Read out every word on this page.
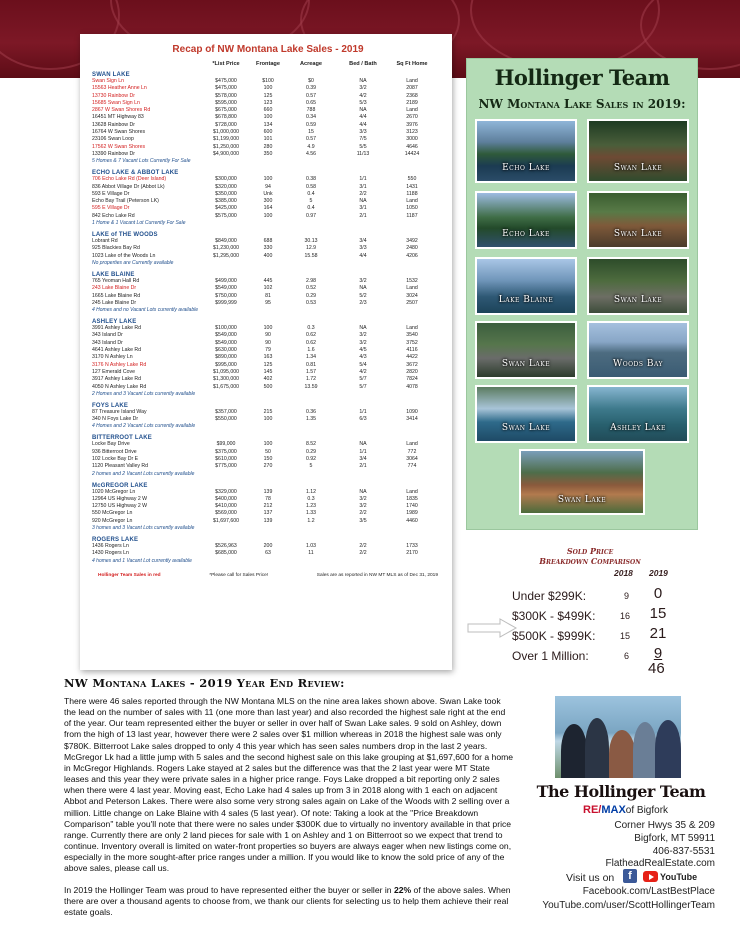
Recap of NW Montana Lake Sales - 2019
*List Price	Frontage	Acreage	Bed / Bath	Sq Ft Home
SWAN LAKE
Swan Sign Ln	$475,000	$100	$0	NA	Land
15563 Heather Anne Ln	$475,000	100	0.39	3/2	2087
13730 Rainbow Dr	$578,000	125	0.57	4/2	2368
15685 Swan Sign Ln	$595,000	123	0.65	5/3	2189
2867 W Swan Shores Rd	$675,000	660	788	NA	Land
16451 MT Highway 83	$678,800	100	0.34	4/4	2670
13628 Rainbow Dr	$728,000	134	0.59	4/4	3976
16764 W Swan Shores	$1,000,000	600	15	3/3	3123
23106 Swan Loop	$1,199,000	101	0.57	7/5	3000
17562 W Swan Shores	$1,250,000	280	4.9	5/5	4646
13390 Rainbow Dr	$4,900,000	350	4.56	11/13	14424
5 Homes & 7 Vacant Lots Currently For Sale
ECHO LAKE & ABBOT LAKE
706 Echo Lake Rd (Deer Island)	$300,000	100	0.38	1/1	550
836 Abbot Village Dr (Abbot Lk)	$320,000	94	0.58	3/1	1431
593 E Village Dr	$350,000	Unk	0.4	2/2	1188
Echo Bay Trail (Peterson LK)	$385,000	300	5	NA	Land
595 E Village Dr	$425,000	164	0.4	3/1	1050
842 Echo Lake Rd	$575,000	100	0.97	2/1	1187
1 Home & 1 Vacant Lot Currently For Sale
LAKE of THE WOODS
Lobrant Rd	$849,000	688	30.13	3/4	3492
925 Blackies Bay Rd	$1,230,000	330	12.9	3/3	2480
1023 Lake of the Woods Ln	$1,295,000	400	15.58	4/4	4206
No properties are Currently available
LAKE BLAINE
765 Yeoman Hall Rd	$499,000	445	2.98	3/2	1532
243 Lake Blaine Dr	$549,000	102	0.52	NA	Land
1665 Lake Blaine Rd	$750,000	81	0.29	5/2	3024
245 Lake Blaine Dr	$999,999	95	0.53	2/3	2507
4 Homes and no Vacant Lots currently available
ASHLEY LAKE
3991 Ashley Lake Rd	$100,000	100	0.3	NA	Land
343 Island Dr	$549,000	90	0.62	3/2	3540
343 Island Dr	$549,000	90	0.62	3/2	3752
4641 Ashley Lake Rd	$630,000	79	1.6	4/5	4116
3170 N Ashley Ln	$890,000	163	1.34	4/3	4422
3176 N Ashley Lake Rd	$995,000	125	0.81	5/4	3672
127 Emerald Cove	$1,095,000	145	1.57	4/2	2820
3917 Ashley Lake Rd	$1,300,000	402	1.72	5/7	7824
4050 N Ashley Lake Rd	$1,675,000	500	13.59	5/7	4078
2 Homes and 3 Vacant Lots currently available
FOYS LAKE
87 Treasure Island Way	$357,000	215	0.36	1/1	1090
340 N Foys Lake Dr	$550,000	100	1.35	6/3	3414
4 Homes and 2 Vacant Lots currently available
BITTERROOT LAKE
Locke Bay Drive	$99,000	100	8.52	NA	Land
936 Bitterroot Drive	$375,000	50	0.29	1/1	772
102 Locke Bay Dr E	$610,000	150	0.92	3/4	3064
1120 Pleasant Valley Rd	$775,000	270	5	2/1	774
2 homes and 2 Vacant Lots currently available
McGREGOR LAKE
1020 McGregor Ln	$329,000	139	1.12	NA	Land
12964 US Highway 2 W	$400,000	78	0.3	3/2	1835
12750 US Highway 2 W	$410,000	212	1.23	3/2	1740
550 McGregor Ln	$569,000	137	1.33	2/2	1989
920 McGregor Ln	$1,697,600	139	1.2	3/5	4460
3 homes and 3 Vacant Lots currently available
ROGERS LAKE
1436 Rogers Ln	$526,963	200	1.03	2/2	1733
1430 Rogers Ln	$685,000	63	11	2/2	2170
4 homes and 1 Vacant Lot currently available
Hollinger Team Sales in red	*Please call for Sales Price!	Sales are as reported in NW MT MLS as of Dec 31, 2019
Hollinger Team
NW Montana Lake Sales in 2019:
Echo Lake	Swan Lake
Echo Lake	Swan Lake
Lake Blaine	Swan Lake
Swan Lake	Woods Bay
Swan Lake	Ashley Lake
Swan Lake
Sold Price
Breakdown Comparison
2018 2019
Under $299K:	9	0
$300K - $499K:	16 15
$500K - $999K:	15 21
Over 1 Million:	6	9
46
NW Montana Lakes - 2019 Year End Review:
There were 46 sales reported through the NW Montana MLS on the nine area lakes shown above. Swan Lake took the lead on the number of sales with 11 (one more than last year) and also recorded the highest sale right at the end of the year. Our team represented either the buyer or seller in over half of Swan Lake sales. 9 sold on Ashley, down from the high of 13 last year, however there were 2 sales over $1 million whereas in 2018 the highest sale was only $780K. Bitterroot Lake sales dropped to only 4 this year which has seen sales numbers drop in the last 2 years. McGregor Lk had a little jump with 5 sales and the second highest sale on this lake grouping at $1,697,600 for a home in McGregor Highlands. Rogers Lake stayed at 2 sales but the difference was that the 2 last year were MT State leases and this year they were private sales in a higher price range. Foys Lake dropped a bit reporting only 2 sales when there were 4 last year. Moving east, Echo Lake had 4 sales up from 3 in 2018 along with 1 each on adjacent Abbot and Peterson Lakes. There were also some very strong sales again on Lake of the Woods with 2 selling over a million. Little change on Lake Blaine with 4 sales (5 last year). Of note: Taking a look at the "Price Breakdown Comparison" table you'll note that there were no sales under $300K due to virtually no inventory available in that price range. Currently there are only 2 land pieces for sale with 1 on Ashley and 1 on Bitterroot so we expect that trend to continue. Inventory overall is limited on water-front properties so buyers are always eager when new listings come on, especially in the more sought-after price ranges under a million. If you would like to know the sold price of any of the above sales, please call us.
In 2019 the Hollinger Team was proud to have represented either the buyer or seller in 22% of the above sales. When there are over a thousand agents to choose from, we thank our clients for selecting us to help them achieve their real estate goals.
The Hollinger Team
RE/MAXof Bigfork
Corner Hwys 35 & 209
Bigfork, MT 59911
406-837-5531
FlatheadRealEstate.com
Visit us on	f	YouTube
Facebook.com/LastBestPlace
YouTube.com/user/ScottHollingerTeam
